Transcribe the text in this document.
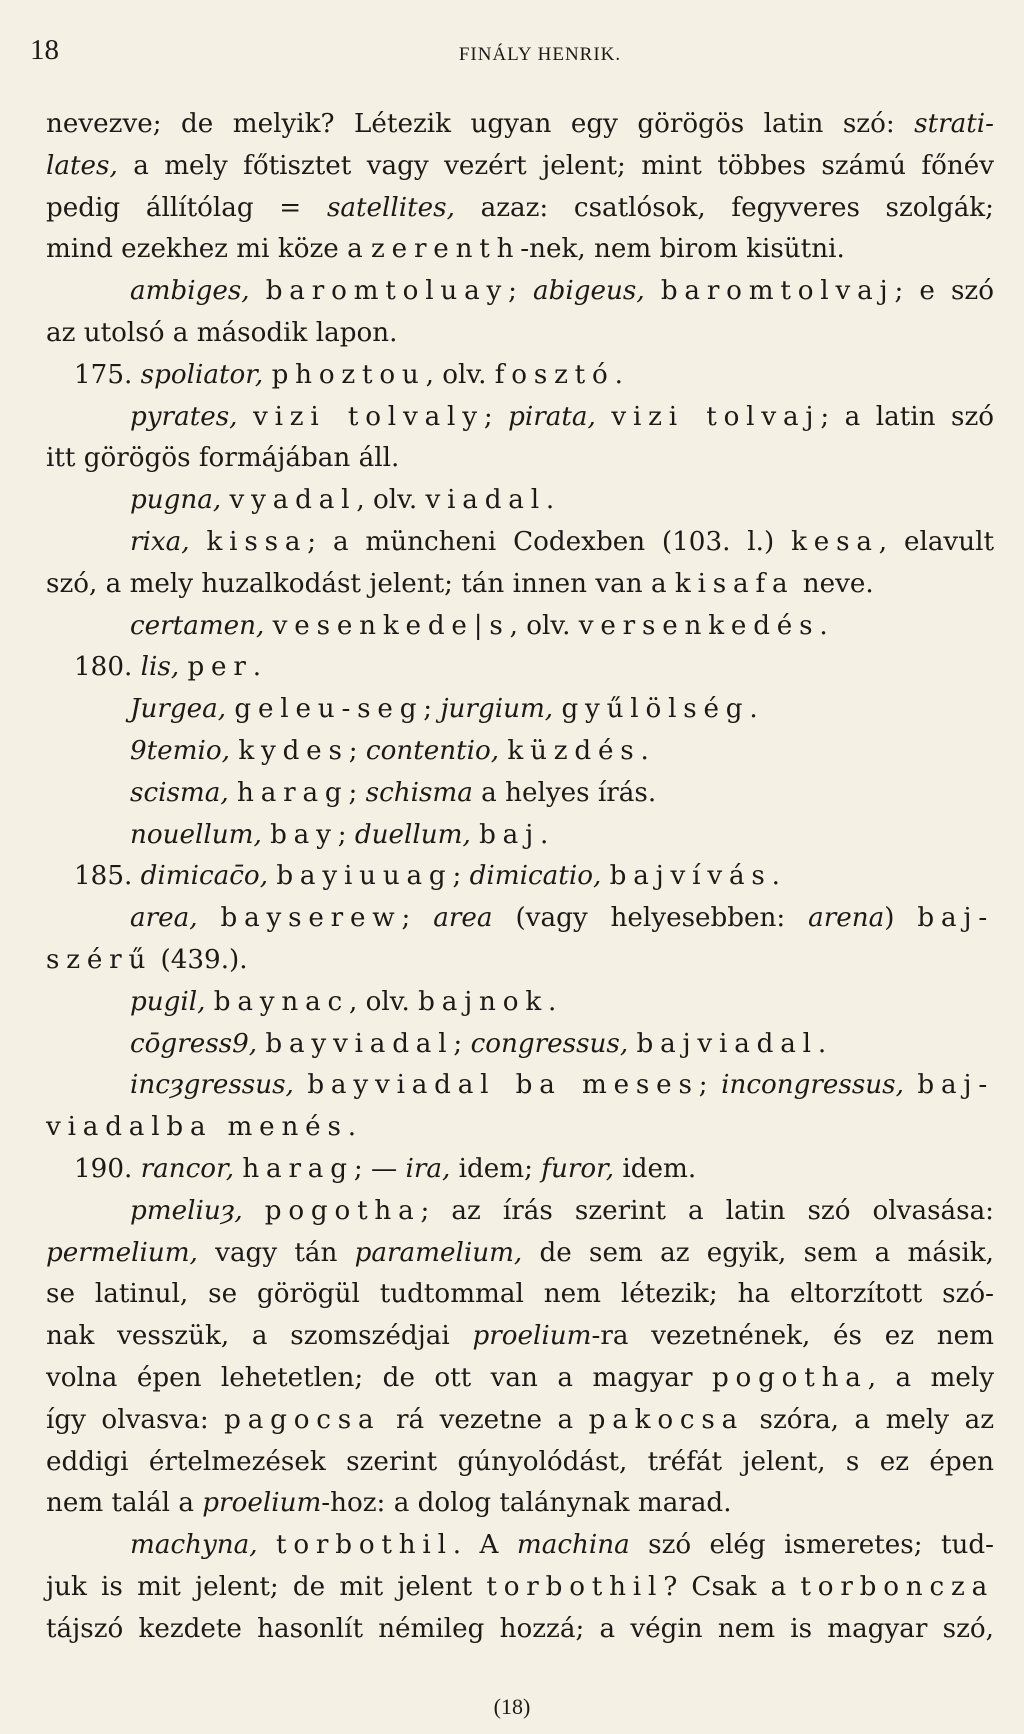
18	FINÁLY HENRIK.
nevezve; de melyik? Létezik ugyan egy görögös latin szó: strati-
lates, a mely főtisztet vagy vezért jelent; mint többes számú főnév
pedig állítólag = satellites, azaz: csatlósok, fegyveres szolgák;
mind ezekhez mi köze a zerenth-nek, nem birom kisütni.
ambiges, baromtoluay; abigeus, baromtolvaj; e szó
az utolsó a második lapon.
175. spoliator, phoztou, olv. fosztó.
pyrates, vizi tolvaly; pirata, vizi tolvaj; a latin szó
itt görögös formájában áll.
pugna, vyadal, olv. viadal.
rixa, kissa; a müncheni Codexben (103. l.) kesa, elavult
szó, a mely huzalkodást jelent; tán innen van a kisafa neve.
certamen, vesenkede|s, olv. versenkedés.
180. lis, per.
Jurgea, geleu-seg; jurgium, gyűlölség.
9temio, kydes; contentio, küzdés.
scisma, harag; schisma a helyes írás.
nouellum, bay; duellum, baj.
185. dimicac̄o, bayiuuag; dimicatio, bajvívás.
area, bayserew; area (vagy helyesebben: arena) baj-
szérű (439.).
pugil, baynac, olv. bajnok.
cōgress9, bayviadal; congressus, bajviadal.
incȝgressus, bayviadal ba meses; incongressus, baj-
viadalba menés.
190. rancor, harag; — ira, idem; furor, idem.
pmeliuȝ, pogotha; az írás szerint a latin szó olvasása:
permelium, vagy tán paramelium, de sem az egyik, sem a másik,
se latinul, se görögül tudtommal nem létezik; ha eltorzított szó-
nak vesszük, a szomszédjai proelium-ra vezetnének, és ez nem
volna épen lehetetlen; de ott van a magyar pogotha, a mely
így olvasva: pagocsa rá vezetne a pakocsa szóra, a mely az
eddigi értelmezések szerint gúnyolódást, tréfát jelent, s ez épen
nem talál a proelium-hoz: a dolog talánynak marad.
machyna, torbothil. A machina szó elég ismeretes; tud-
juk is mit jelent; de mit jelent torbothil? Csak a torboncza
tájszó kezdete hasonlít némileg hozzá; a végin nem is magyar szó,
(18)
